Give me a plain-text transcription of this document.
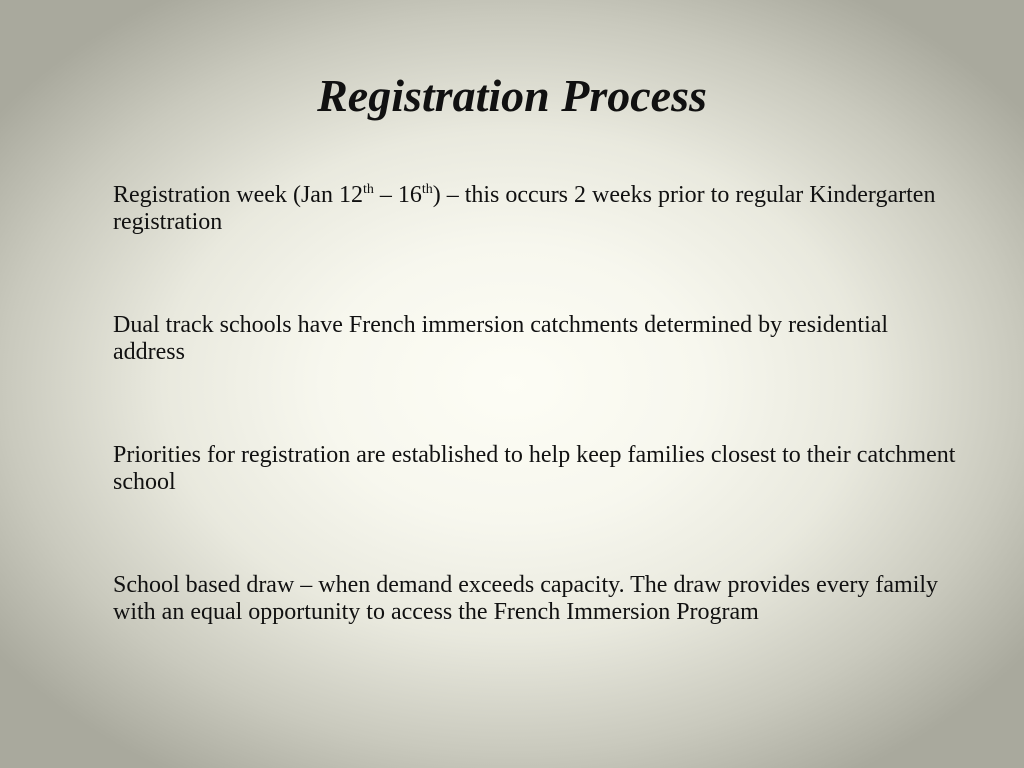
Registration Process

Registration week (Jan 12th – 16th) – this occurs 2 weeks prior to regular Kindergarten registration

Dual track schools have French immersion catchments determined by residential address

Priorities for registration are established to help keep families closest to their catchment school

School based draw – when demand exceeds capacity. The draw provides every family with an equal opportunity to access the French Immersion Program
